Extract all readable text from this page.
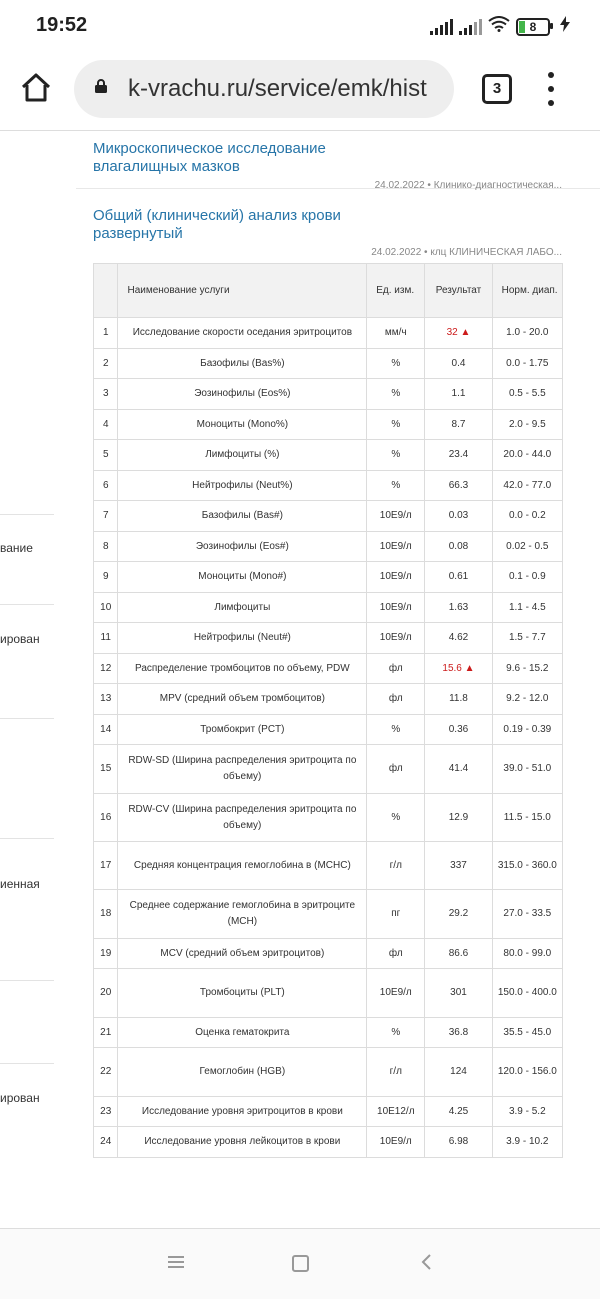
19:52	8
k-vrachu.ru/service/emk/hist	3
вание
ирован
иенная
ирован
Микроскопическое исследование влагалищных мазков
24.02.2022 • Клинико-диагностическая...
Общий (клинический) анализ крови развернутый
24.02.2022 • клц КЛИНИЧЕСКАЯ ЛАБО...
	Наименование услуги	Ед. изм.	Результат	Норм. диап.
1	Исследование скорости оседания эритроцитов	мм/ч	32 ▲	1.0 - 20.0
2	Базофилы (Bas%)	%	0.4	0.0 - 1.75
3	Эозинофилы (Eos%)	%	1.1	0.5 - 5.5
4	Моноциты (Mono%)	%	8.7	2.0 - 9.5
5	Лимфоциты (%)	%	23.4	20.0 - 44.0
6	Нейтрофилы (Neut%)	%	66.3	42.0 - 77.0
7	Базофилы (Bas#)	10E9/л	0.03	0.0 - 0.2
8	Эозинофилы (Eos#)	10E9/л	0.08	0.02 - 0.5
9	Моноциты (Mono#)	10E9/л	0.61	0.1 - 0.9
10	Лимфоциты	10E9/л	1.63	1.1 - 4.5
11	Нейтрофилы (Neut#)	10E9/л	4.62	1.5 - 7.7
12	Распределение тромбоцитов по объему, PDW	фл	15.6 ▲	9.6 - 15.2
13	MPV (средний объем тромбоцитов)	фл	11.8	9.2 - 12.0
14	Тромбокрит (PCT)	%	0.36	0.19 - 0.39
15	RDW-SD (Ширина распределения эритроцита по объему)	фл	41.4	39.0 - 51.0
16	RDW-CV (Ширина распределения эритроцита по объему)	%	12.9	11.5 - 15.0
17	Средняя концентрация гемоглобина в (MCHC)	г/л	337	315.0 - 360.0
18	Среднее содержание гемоглобина в эритроците (MCH)	пг	29.2	27.0 - 33.5
19	MCV (средний объем эритроцитов)	фл	86.6	80.0 - 99.0
20	Тромбоциты (PLT)	10E9/л	301	150.0 - 400.0
21	Оценка гематокрита	%	36.8	35.5 - 45.0
22	Гемоглобин (HGB)	г/л	124	120.0 - 156.0
23	Исследование уровня эритроцитов в крови	10E12/л	4.25	3.9 - 5.2
24	Исследование уровня лейкоцитов в крови	10E9/л	6.98	3.9 - 10.2
